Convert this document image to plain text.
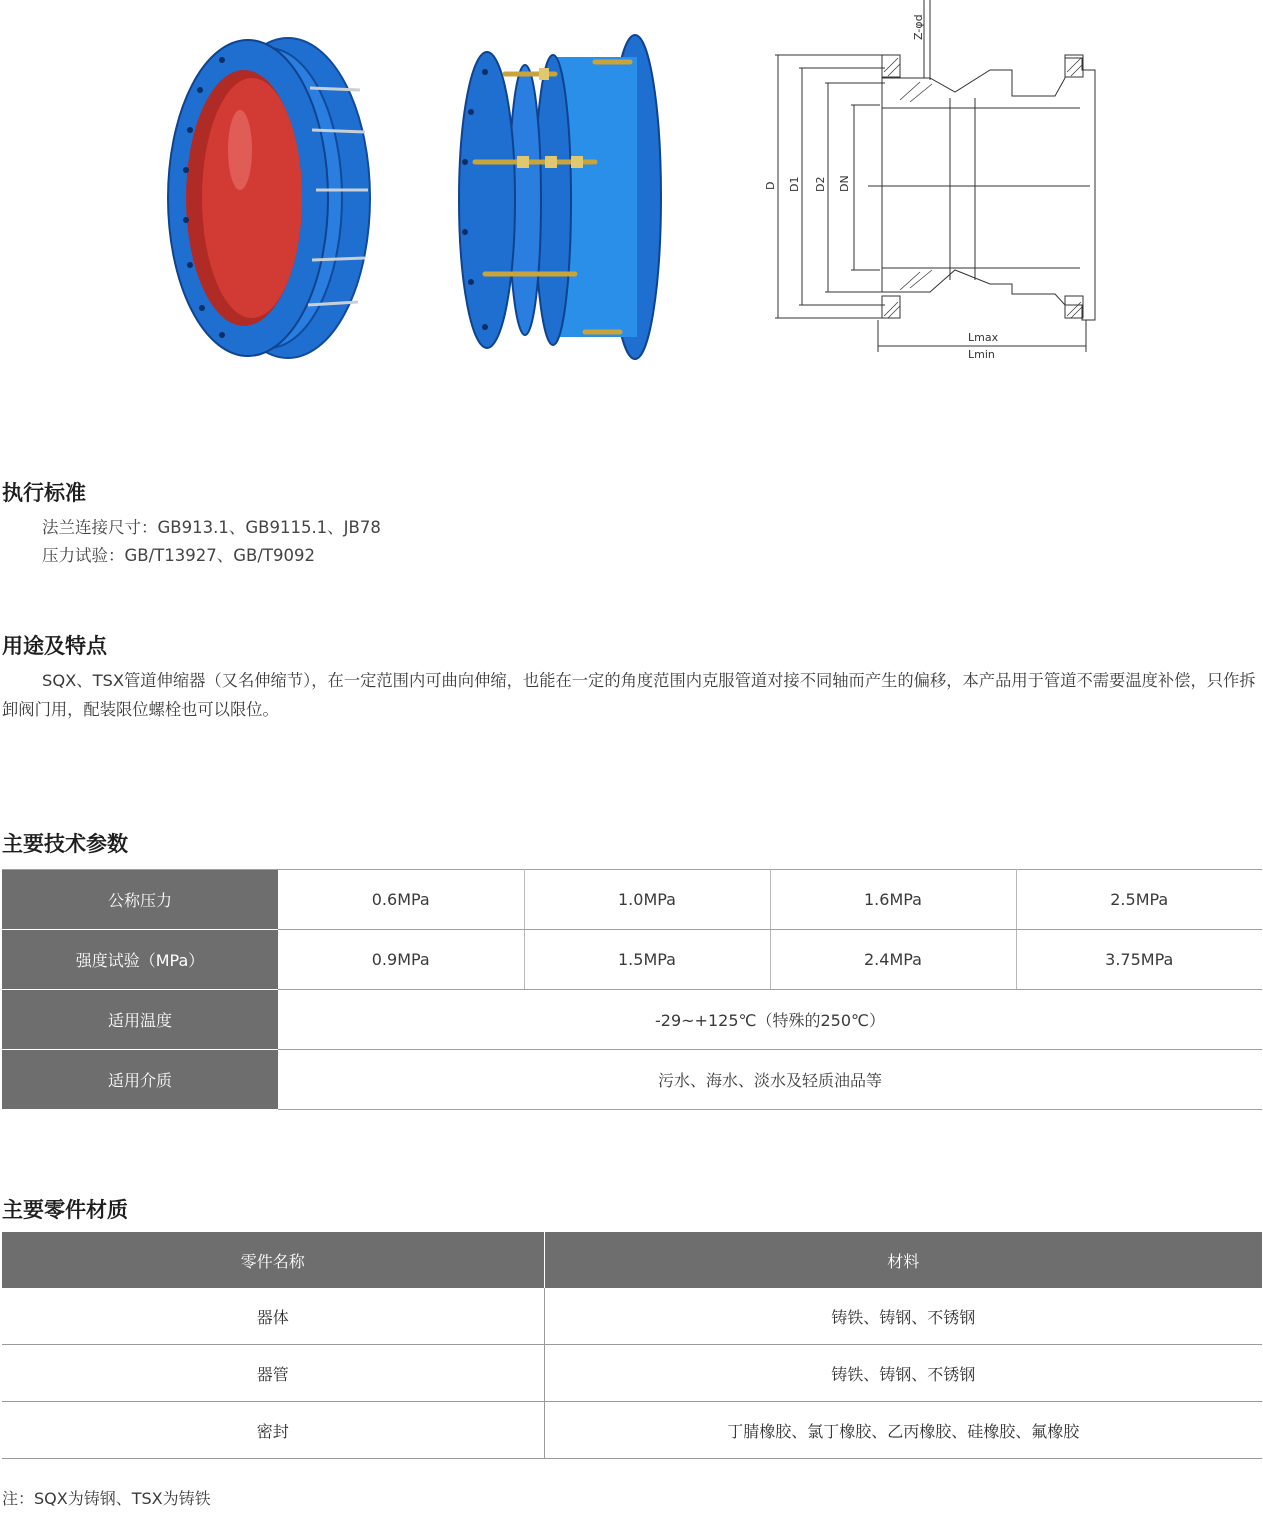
Z-φd
D D1 D2 DN
Lmax
Lmin
执行标准
法兰连接尺寸：GB913.1、GB9115.1、JB78
压力试验：GB/T13927、GB/T9092
用途及特点

SQX、TSX管道伸缩器（又名伸缩节），在一定范围内可曲向伸缩，也能在一定的角度范围内克服管道对接不同轴而产生的偏移，本产品用于管道不需要温度补偿，只作拆卸阀门用，配装限位螺栓也可以限位。

主要技术参数
公称压力	0.6MPa	1.0MPa	1.6MPa	2.5MPa
强度试验（MPa）	0.9MPa	1.5MPa	2.4MPa	3.75MPa
适用温度	-29~+125℃（特殊的250℃）			
适用介质	污水、海水、淡水及轻质油品等			
主要零件材质
零件名称	材料
器体	铸铁、铸钢、不锈钢
器管	铸铁、铸钢、不锈钢
密封	丁腈橡胶、氯丁橡胶、乙丙橡胶、硅橡胶、氟橡胶
注：SQX为铸钢、TSX为铸铁
